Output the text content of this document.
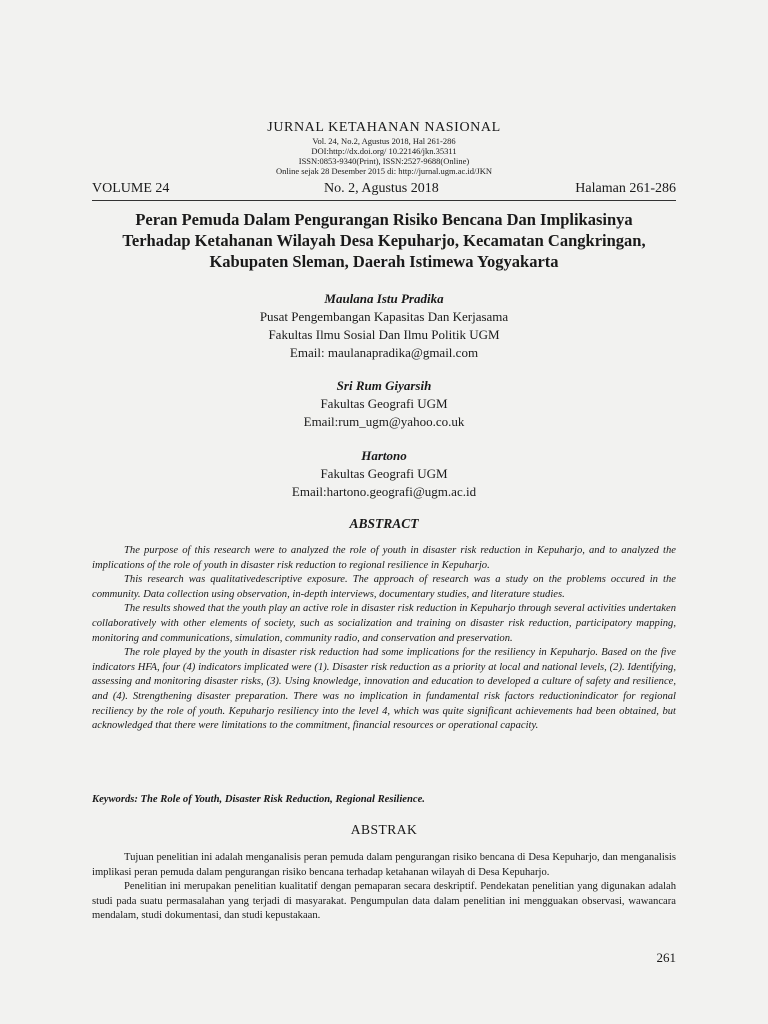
JURNAL KETAHANAN NASIONAL
Vol. 24, No.2, Agustus 2018, Hal 261-286
DOI:http://dx.doi.org/ 10.22146/jkn.35311
ISSN:0853-9340(Print), ISSN:2527-9688(Online)
Online sejak 28 Desember 2015 di: http://jurnal.ugm.ac.id/JKN
VOLUME 24	No. 2, Agustus 2018	Halaman 261-286
Peran Pemuda Dalam Pengurangan Risiko Bencana Dan Implikasinya
Terhadap Ketahanan Wilayah Desa Kepuharjo, Kecamatan Cangkringan,
Kabupaten Sleman, Daerah Istimewa Yogyakarta
Maulana Istu Pradika
Pusat Pengembangan Kapasitas Dan Kerjasama
Fakultas Ilmu Sosial Dan Ilmu Politik UGM
Email: maulanapradika@gmail.com
Sri Rum Giyarsih
Fakultas Geografi UGM
Email:rum_ugm@yahoo.co.uk
Hartono
Fakultas Geografi UGM
Email:hartono.geografi@ugm.ac.id
ABSTRACT

The purpose of this research were to analyzed the role of youth in disaster risk reduction in Kepuharjo, and to analyzed the implications of the role of youth in disaster risk reduction to regional resilience in Kepuharjo.

This research was qualitativedescriptive exposure. The approach of research was a study on the problems occured in the community. Data collection using observation, in-depth interviews, documentary studies, and literature studies.

The results showed that the youth play an active role in disaster risk reduction in Kepuharjo through several activities undertaken collaboratively with other elements of society, such as socialization and training on disaster risk reduction, participatory mapping, monitoring and communications, simulation, community radio, and conservation and preservation.

The role played by the youth in disaster risk reduction had some implications for the resiliency in Kepuharjo. Based on the five indicators HFA, four (4) indicators implicated were (1). Disaster risk reduction as a priority at local and national levels, (2). Identifying, assessing and monitoring disaster risks, (3). Using knowledge, innovation and education to developed a culture of safety and resilience, and (4). Strengthening disaster preparation. There was no implication in fundamental risk factors reductionindicator for regional reciliency by the role of youth. Kepuharjo resiliency into the level 4, which was quite significant achievements had been obtained, but acknowledged that there were limitations to the commitment, financial resources or operational capacity.

Keywords: The Role of Youth, Disaster Risk Reduction, Regional Resilience.
ABSTRAK

Tujuan penelitian ini adalah menganalisis peran pemuda dalam pengurangan risiko bencana di Desa Kepuharjo, dan menganalisis implikasi peran pemuda dalam pengurangan risiko bencana terhadap ketahanan wilayah di Desa Kepuharjo.

Penelitian ini merupakan penelitian kualitatif dengan pemaparan secara deskriptif. Pendekatan penelitian yang digunakan adalah studi pada suatu permasalahan yang terjadi di masyarakat. Pengumpulan data dalam penelitian ini mengguakan observasi, wawancara mendalam, studi dokumentasi, dan studi kepustakaan.

261
